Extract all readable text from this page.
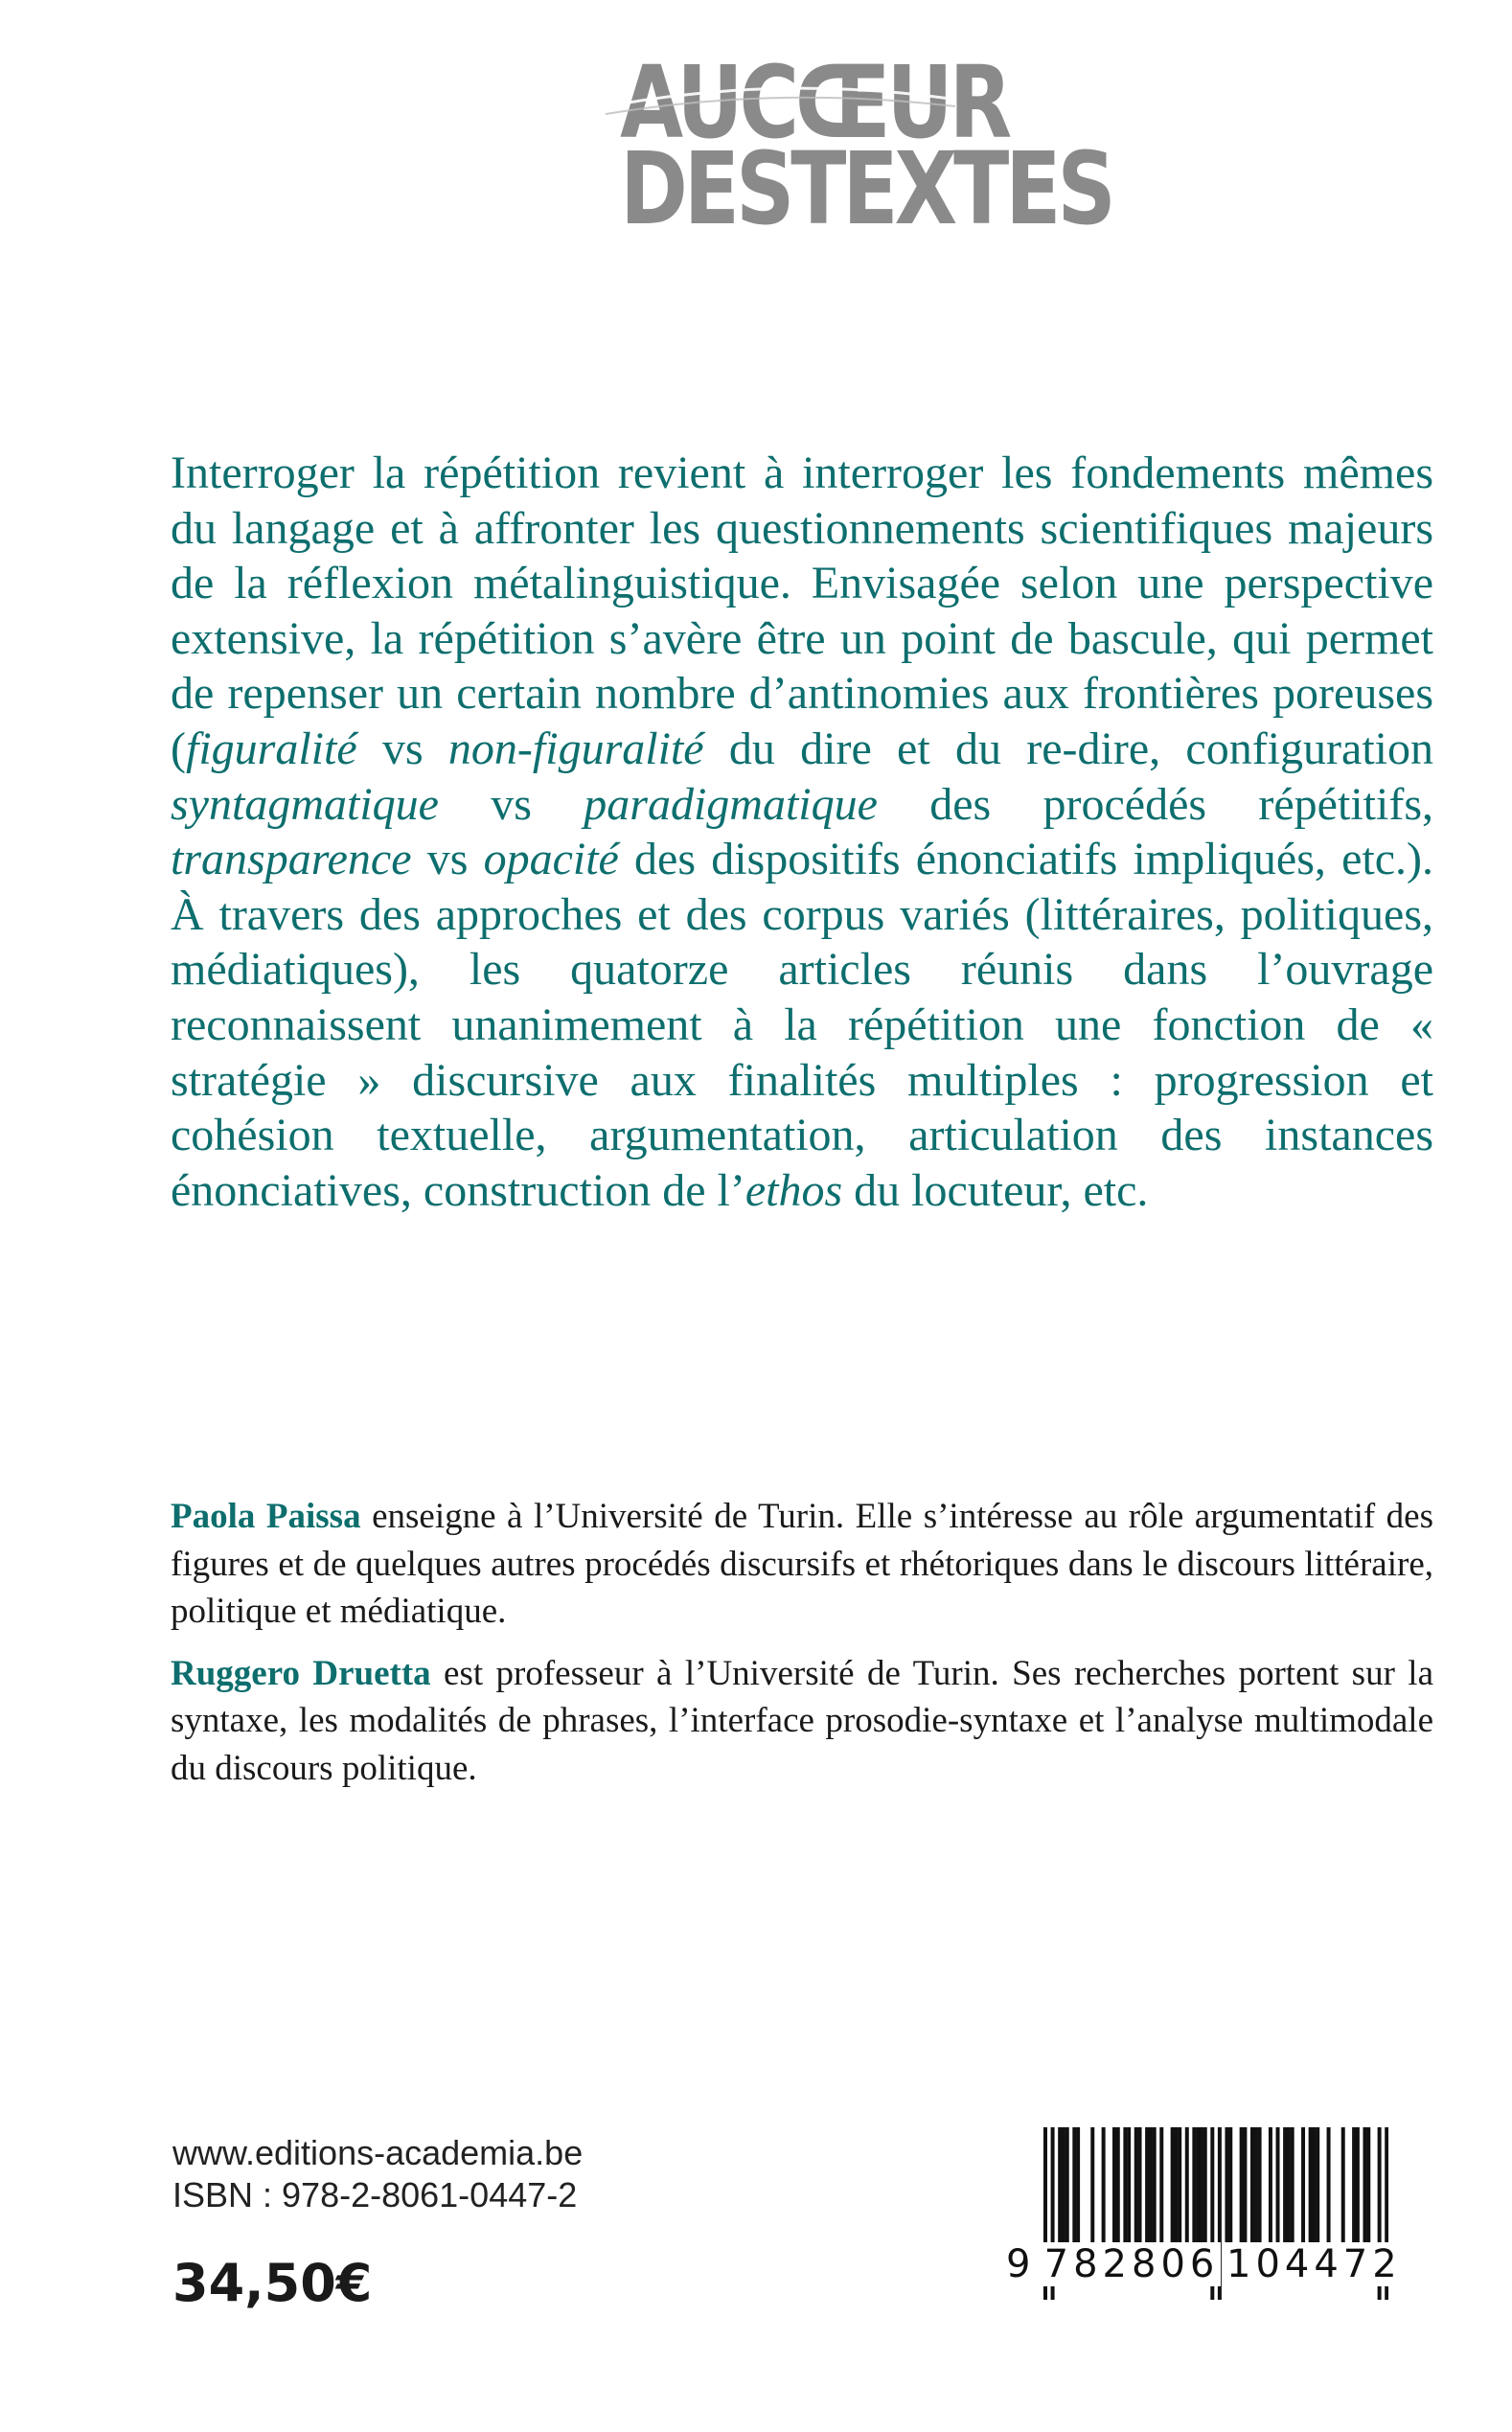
AUCŒUR
DESTEXTES
Interroger la répétition revient à interroger les fondements mêmes du langage et à affronter les questionnements scientifiques majeurs de la réflexion métalinguistique. Envisagée selon une perspective extensive, la répétition s’avère être un point de bascule, qui permet de repenser un certain nombre d’antinomies aux frontières poreuses (figuralité vs non-figuralité du dire et du re-dire, configuration syntagmatique vs paradigmatique des procédés répétitifs, transparence vs opacité des dispositifs énonciatifs impliqués, etc.). À travers des approches et des corpus variés (littéraires, politiques, médiatiques), les quatorze articles réunis dans l’ouvrage reconnaissent unanimement à la répétition une fonction de « stratégie » discursive aux finalités multiples : progression et cohésion textuelle, argumentation, articulation des instances énonciatives, construction de l’ethos du locuteur, etc.

Paola Paissa enseigne à l’Université de Turin. Elle s’intéresse au rôle argumentatif des figures et de quelques autres procédés discursifs et rhétoriques dans le discours littéraire, politique et médiatique.

Ruggero Druetta est professeur à l’Université de Turin. Ses recherches portent sur la syntaxe, les modalités de phrases, l’interface prosodie-syntaxe et l’analyse multimodale du discours politique.

www.editions-academia.be
ISBN : 978-2-8061-0447-2
34,50€	9 782806 104472
